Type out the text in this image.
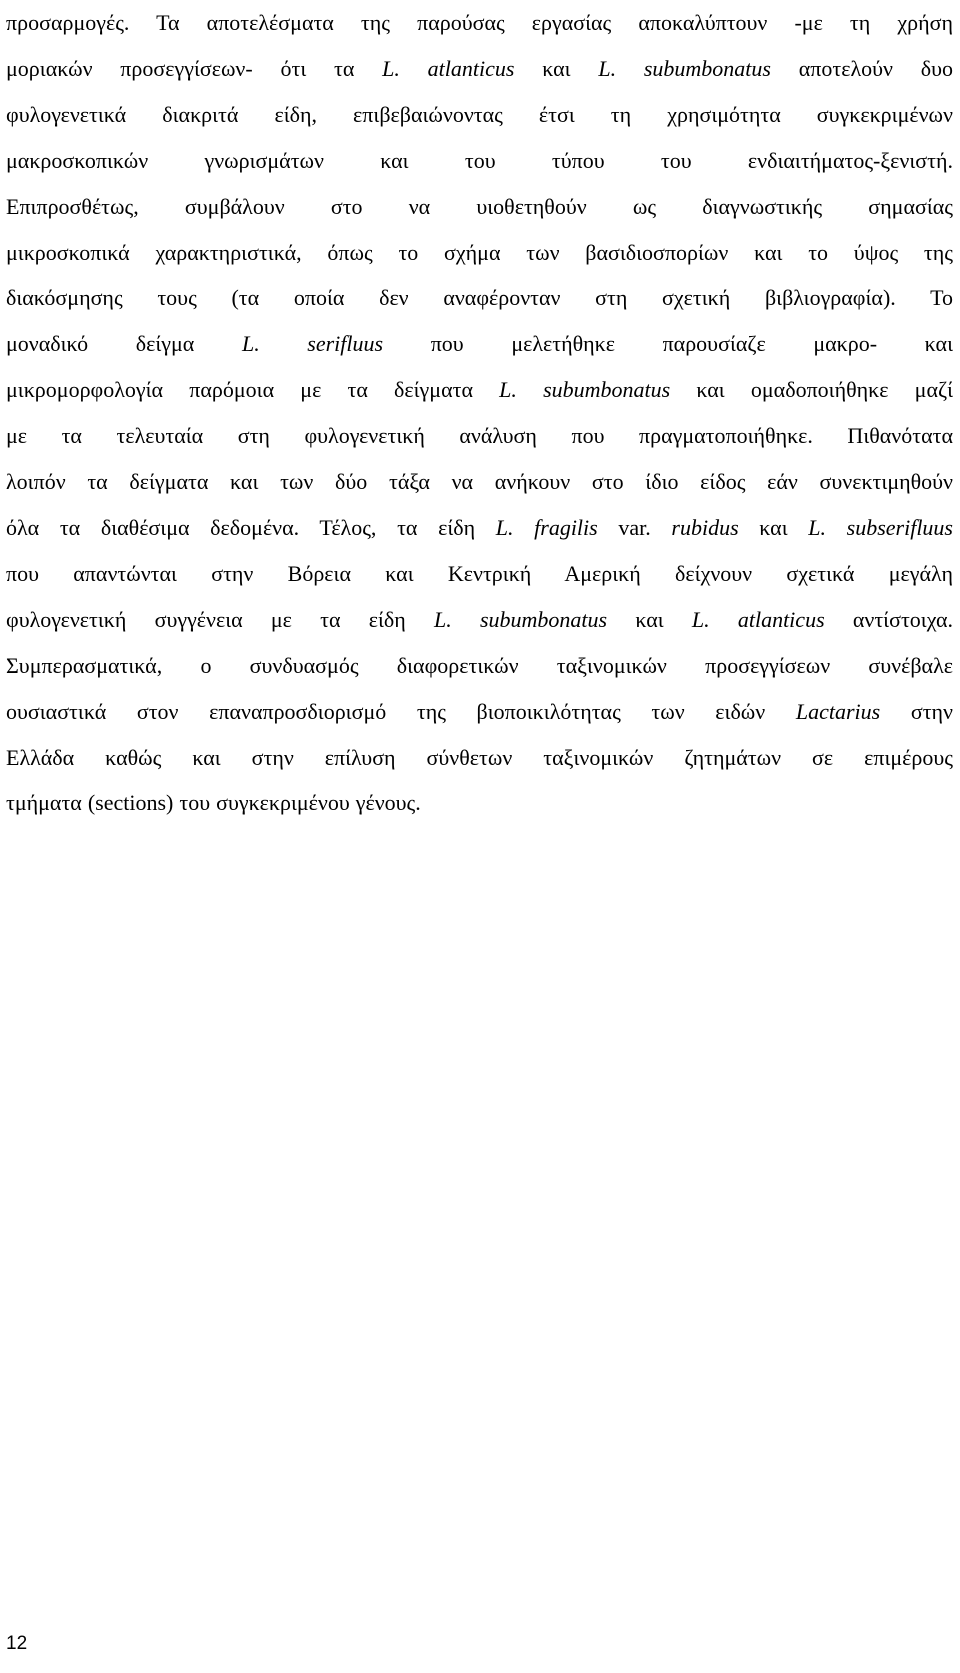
προσαρμογές. Τα αποτελέσματα της παρούσας εργασίας αποκαλύπτουν -με τη χρήση
μοριακών προσεγγίσεων- ότι τα L. atlanticus και L. subumbonatus αποτελούν δυο
φυλογενετικά διακριτά είδη, επιβεβαιώνοντας έτσι τη χρησιμότητα συγκεκριμένων
μακροσκοπικών γνωρισμάτων και του τύπου του ενδιαιτήματος-ξενιστή.
Επιπροσθέτως, συμβάλουν στο να υιοθετηθούν ως διαγνωστικής σημασίας
μικροσκοπικά χαρακτηριστικά, όπως το σχήμα των βασιδιοσπορίων και το ύψος της
διακόσμησης τους (τα οποία δεν αναφέρονταν στη σχετική βιβλιογραφία). Το
μοναδικό δείγμα L. serifluus που μελετήθηκε παρουσίαζε μακρο- και
μικρομορφολογία παρόμοια με τα δείγματα L. subumbonatus και ομαδοποιήθηκε μαζί
με τα τελευταία στη φυλογενετική ανάλυση που πραγματοποιήθηκε. Πιθανότατα
λοιπόν τα δείγματα και των δύο τάξα να ανήκουν στο ίδιο είδος εάν συνεκτιμηθούν
όλα τα διαθέσιμα δεδομένα. Τέλος, τα είδη L. fragilis var. rubidus και L. subserifluus
που απαντώνται στην Βόρεια και Κεντρική Αμερική δείχνουν σχετικά μεγάλη
φυλογενετική συγγένεια με τα είδη L. subumbonatus και L. atlanticus αντίστοιχα.
Συμπερασματικά, ο συνδυασμός διαφορετικών ταξινομικών προσεγγίσεων συνέβαλε
ουσιαστικά στον επαναπροσδιορισμό της βιοποικιλότητας των ειδών Lactarius στην
Ελλάδα καθώς και στην επίλυση σύνθετων ταξινομικών ζητημάτων σε επιμέρους
τμήματα (sections) του συγκεκριμένου γένους.

12
